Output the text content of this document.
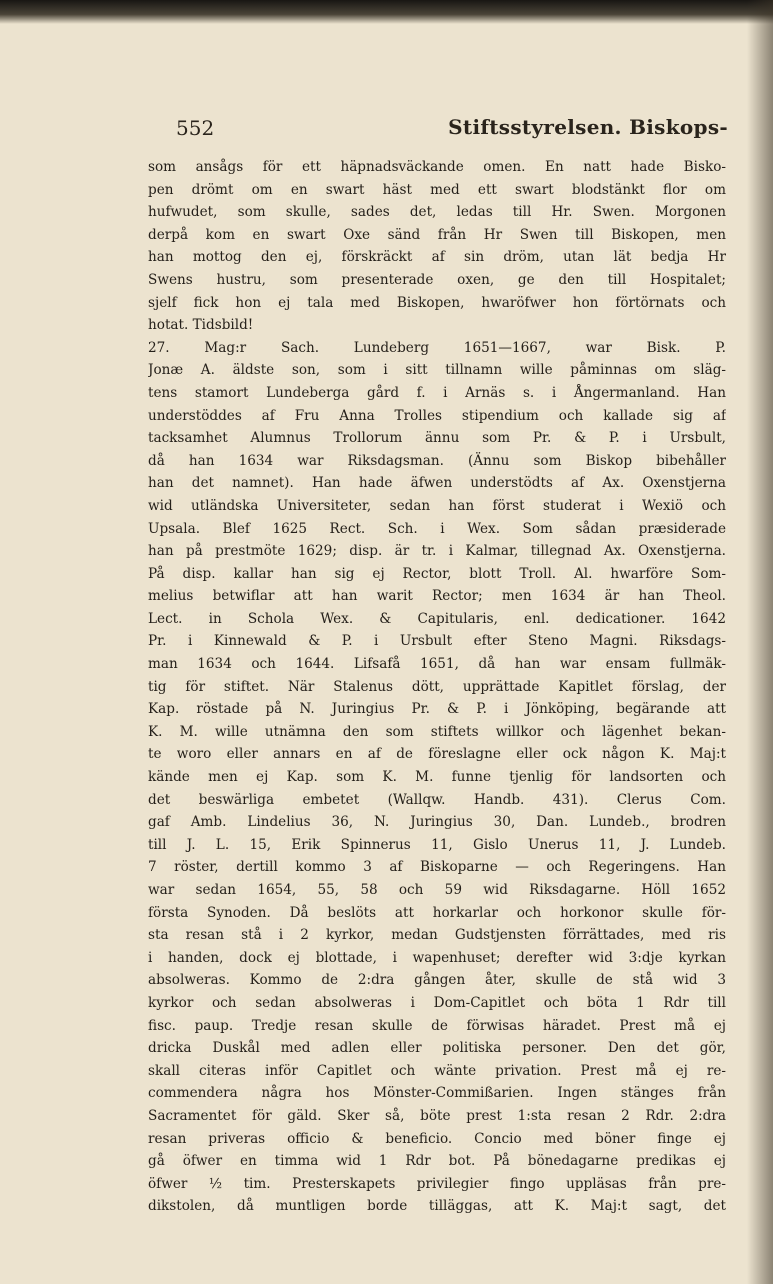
552	Stiftsstyrelsen. Biskops-
som ansågs för ett häpnadsväckande omen. En natt hade Bisko-
pen drömt om en swart häst med ett swart blodstänkt flor om
hufwudet, som skulle, sades det, ledas till Hr. Swen. Morgonen
derpå kom en swart Oxe sänd från Hr Swen till Biskopen, men
han mottog den ej, förskräckt af sin dröm, utan lät bedja Hr
Swens hustru, som presenterade oxen, ge den till Hospitalet;
sjelf fick hon ej tala med Biskopen, hwaröfwer hon förtörnats och
hotat. Tidsbild!
27. Mag:r Sach. Lundeberg 1651—1667, war Bisk. P.
Jonæ A. äldste son, som i sitt tillnamn wille påminnas om släg-
tens stamort Lundeberga gård f. i Arnäs s. i Ångermanland. Han
understöddes af Fru Anna Trolles stipendium och kallade sig af
tacksamhet Alumnus Trollorum ännu som Pr. & P. i Ursbult,
då han 1634 war Riksdagsman. (Ännu som Biskop bibehåller
han det namnet). Han hade äfwen understödts af Ax. Oxenstjerna
wid utländska Universiteter, sedan han först studerat i Wexiö och
Upsala. Blef 1625 Rect. Sch. i Wex. Som sådan præsiderade
han på prestmöte 1629; disp. är tr. i Kalmar, tillegnad Ax. Oxenstjerna.
På disp. kallar han sig ej Rector, blott Troll. Al. hwarföre Som-
melius betwiflar att han warit Rector; men 1634 är han Theol.
Lect. in Schola Wex. & Capitularis, enl. dedicationer. 1642
Pr. i Kinnewald & P. i Ursbult efter Steno Magni. Riksdags-
man 1634 och 1644. Lifsafå 1651, då han war ensam fullmäk-
tig för stiftet. När Stalenus dött, upprättade Kapitlet förslag, der
Kap. röstade på N. Juringius Pr. & P. i Jönköping, begärande att
K. M. wille utnämna den som stiftets willkor och lägenhet bekan-
te woro eller annars en af de föreslagne eller ock någon K. Maj:t
kände men ej Kap. som K. M. funne tjenlig för landsorten och
det beswärliga embetet (Wallqw. Handb. 431). Clerus Com.
gaf Amb. Lindelius 36, N. Juringius 30, Dan. Lundeb., brodren
till J. L. 15, Erik Spinnerus 11, Gislo Unerus 11, J. Lundeb.
7 röster, dertill kommo 3 af Biskoparne — och Regeringens. Han
war sedan 1654, 55, 58 och 59 wid Riksdagarne. Höll 1652
första Synoden. Då beslöts att horkarlar och horkonor skulle för-
sta resan stå i 2 kyrkor, medan Gudstjensten förrättades, med ris
i handen, dock ej blottade, i wapenhuset; derefter wid 3:dje kyrkan
absolweras. Kommo de 2:dra gången åter, skulle de stå wid 3
kyrkor och sedan absolweras i Dom-Capitlet och böta 1 Rdr till
fisc. paup. Tredje resan skulle de förwisas häradet. Prest må ej
dricka Duskål med adlen eller politiska personer. Den det gör,
skall citeras inför Capitlet och wänte privation. Prest må ej re-
commendera några hos Mönster-Commißarien. Ingen stänges från
Sacramentet för gäld. Sker så, böte prest 1:sta resan 2 Rdr. 2:dra
resan priveras officio & beneficio. Concio med böner finge ej
gå öfwer en timma wid 1 Rdr bot. På bönedagarne predikas ej
öfwer ½ tim. Presterskapets privilegier fingo uppläsas från pre-
dikstolen, då muntligen borde tilläggas, att K. Maj:t sagt, det
